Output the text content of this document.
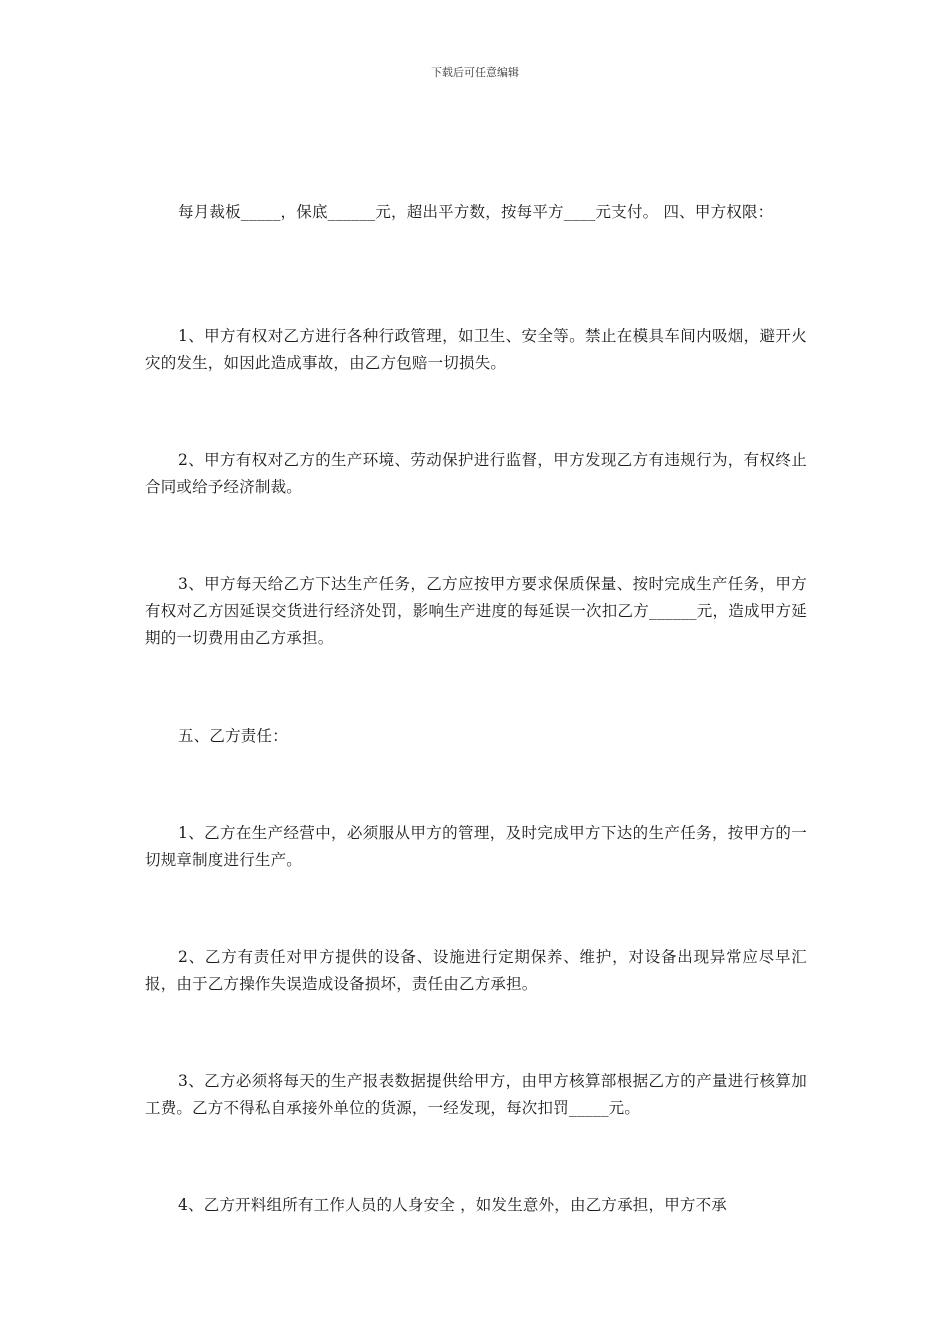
下载后可任意编辑

每月裁板_____，保底______元，超出平方数，按每平方____元支付。 四、甲方权限：

1、甲方有权对乙方进行各种行政管理，如卫生、安全等。禁止在模具车间内吸烟，避开火灾的发生，如因此造成事故，由乙方包赔一切损失。

2、甲方有权对乙方的生产环境、劳动保护进行监督，甲方发现乙方有违规行为，有权终止合同或给予经济制裁。

3、甲方每天给乙方下达生产任务，乙方应按甲方要求保质保量、按时完成生产任务，甲方有权对乙方因延误交货进行经济处罚，影响生产进度的每延误一次扣乙方______元，造成甲方延期的一切费用由乙方承担。

五、乙方责任：

1、乙方在生产经营中，必须服从甲方的管理，及时完成甲方下达的生产任务，按甲方的一切规章制度进行生产。

2、乙方有责任对甲方提供的设备、设施进行定期保养、维护，对设备出现异常应尽早汇报，由于乙方操作失误造成设备损坏，责任由乙方承担。

3、乙方必须将每天的生产报表数据提供给甲方，由甲方核算部根据乙方的产量进行核算加工费。乙方不得私自承接外单位的货源，一经发现，每次扣罚_____元。

4、乙方开料组所有工作人员的人身安全 ，如发生意外，由乙方承担，甲方不承
